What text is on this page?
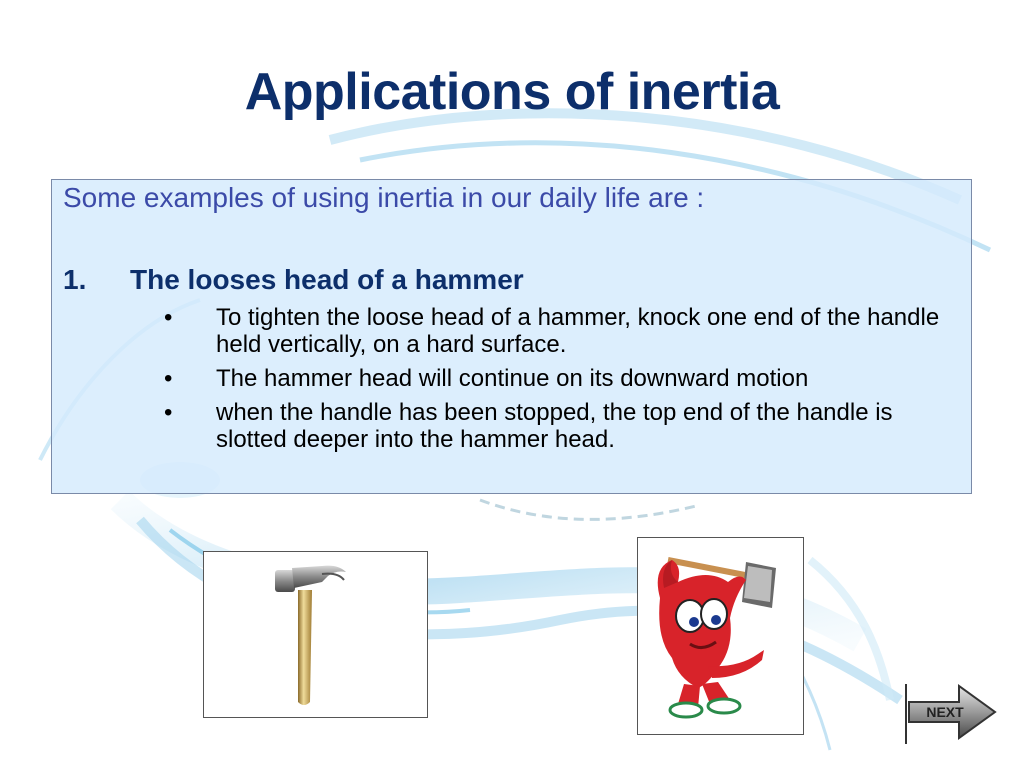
Applications of inertia
Some examples of using inertia in our daily life are :
1. The looses head of a hammer
• To tighten the loose head of a hammer, knock one end of the handle held vertically, on a hard surface.
• The hammer head will continue on its downward motion
• when the handle has been stopped, the top end of the handle is slotted deeper into the hammer head.
NEXT
